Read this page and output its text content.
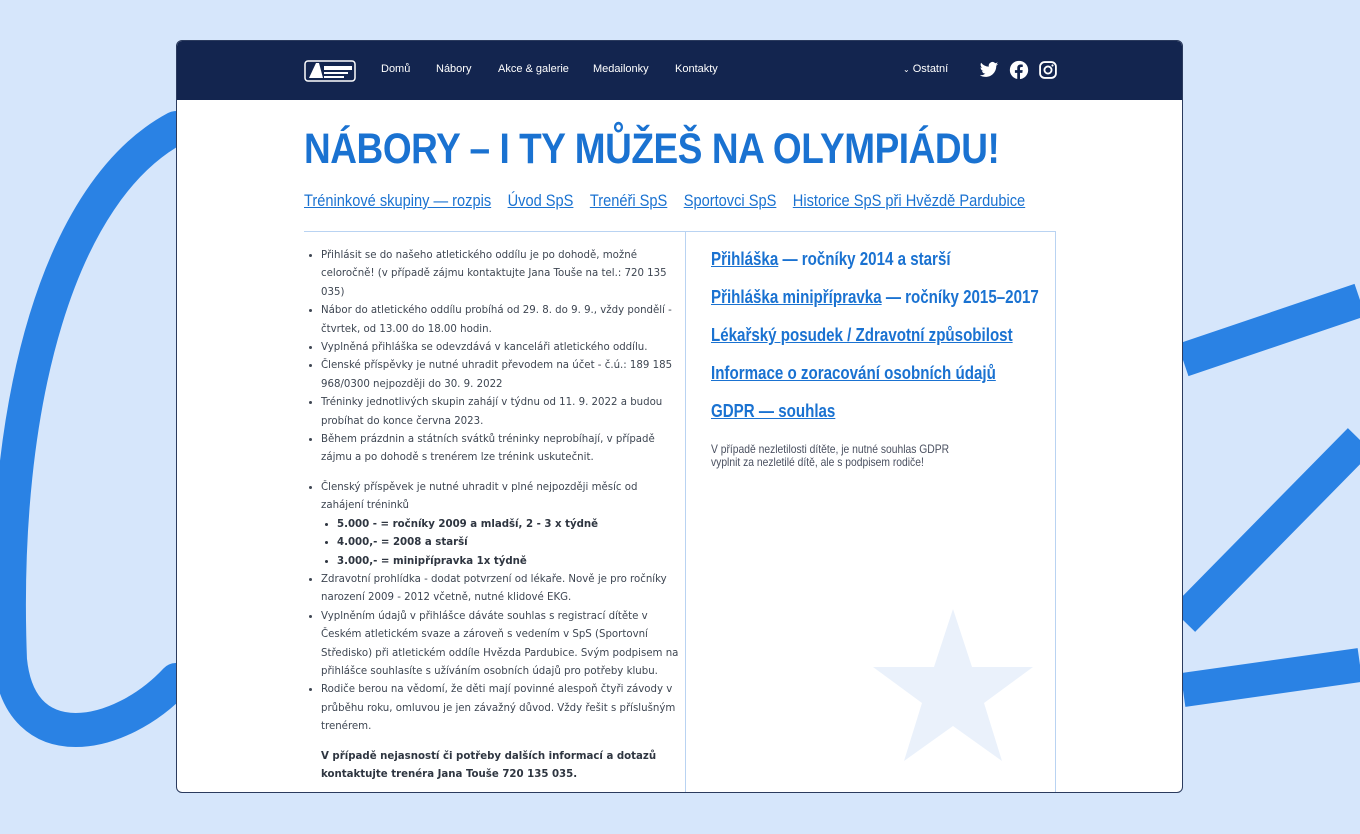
Domů Nábory Akce & galerie Medailonky Kontakty	⌄ Ostatní
NÁBORY – I TY MŮŽEŠ NA OLYMPIÁDU!
Tréninkové skupiny — rozpis Úvod SpS Trenéři SpS Sportovci SpS Historice SpS při Hvězdě Pardubice
• Přihlásit se do našeho atletického oddílu je po dohodě, možné celoročně! (v případě zájmu kontaktujte Jana Touše na tel.: 720 135 035)
• Nábor do atletického oddílu probíhá od 29. 8. do 9. 9., vždy pondělí - čtvrtek, od 13.00 do 18.00 hodin.
• Vyplněná přihláška se odevzdává v kanceláři atletického oddílu.
• Členské příspěvky je nutné uhradit převodem na účet - č.ú.: 189 185 968/0300 nejpozději do 30. 9. 2022
• Tréninky jednotlivých skupin zahájí v týdnu od 11. 9. 2022 a budou probíhat do konce června 2023.
• Během prázdnin a státních svátků tréninky neprobíhají, v případě zájmu a po dohodě s trenérem lze trénink uskutečnit.
• Členský příspěvek je nutné uhradit v plné nejpozději měsíc od zahájení tréninků
• 5.000 - = ročníky 2009 a mladší, 2 - 3 x týdně
• 4.000,- = 2008 a starší
• 3.000,- = minipřípravka 1x týdně
• Zdravotní prohlídka - dodat potvrzení od lékaře. Nově je pro ročníky narození 2009 - 2012 včetně, nutné klidové EKG.
• Vyplněním údajů v přihlášce dáváte souhlas s registrací dítěte v Českém atletickém svaze a zároveň s vedením v SpS (Sportovní Středisko) při atletickém oddíle Hvězda Pardubice. Svým podpisem na přihlášce souhlasíte s užíváním osobních údajů pro potřeby klubu.
• Rodiče berou na vědomí, že děti mají povinné alespoň čtyři závody v průběhu roku, omluvou je jen závažný důvod. Vždy řešit s příslušným trenérem.
V případě nejasností či potřeby dalších informací a dotazů kontaktujte trenéra Jana Touše 720 135 035.
Přihláška — ročníky 2014 a starší
Přihláška minipřípravka — ročníky 2015–2017
Lékařský posudek / Zdravotní způsobilost
Informace o zoracování osobních údajů
GDPR — souhlas
V případě nezletilosti dítěte, je nutné souhlas GDPR vyplnit za nezletilé dítě, ale s podpisem rodiče!
